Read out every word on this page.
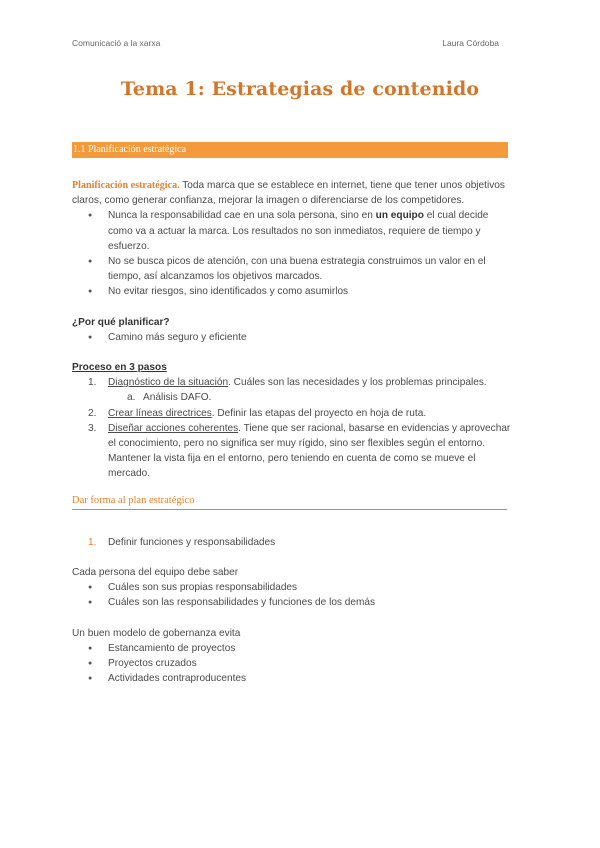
Comunicació a la xarxa	Laura Córdoba
Tema 1: Estrategias de contenido
1.1 Planificación estratégica

Planificación estratégica. Toda marca que se establece en internet, tiene que tener unos objetivos claros, como generar confianza, mejorar la imagen o diferenciarse de los competidores.

● Nunca la responsabilidad cae en una sola persona, sino en un equipo el cual decide como va a actuar la marca. Los resultados no son inmediatos, requiere de tiempo y esfuerzo.
● No se busca picos de atención, con una buena estrategia construimos un valor en el tiempo, así alcanzamos los objetivos marcados.
● No evitar riesgos, sino identificados y como asumirlos

¿Por qué planificar?

● Camino más seguro y eficiente

Proceso en 3 pasos

1. Diagnóstico de la situación. Cuáles son las necesidades y los problemas principales.
a. Análisis DAFO.
2. Crear líneas directrices. Definir las etapas del proyecto en hoja de ruta.
3. Diseñar acciones coherentes. Tiene que ser racional, basarse en evidencias y aprovechar el conocimiento, pero no significa ser muy rígido, sino ser flexibles según el entorno. Mantener la vista fija en el entorno, pero teniendo en cuenta de como se mueve el mercado.

Dar forma al plan estratégico

1. Definir funciones y responsabilidades

Cada persona del equipo debe saber

● Cuáles son sus propias responsabilidades
● Cuáles son las responsabilidades y funciones de los demás

Un buen modelo de gobernanza evita

● Estancamiento de proyectos
● Proyectos cruzados
● Actividades contraproducentes
